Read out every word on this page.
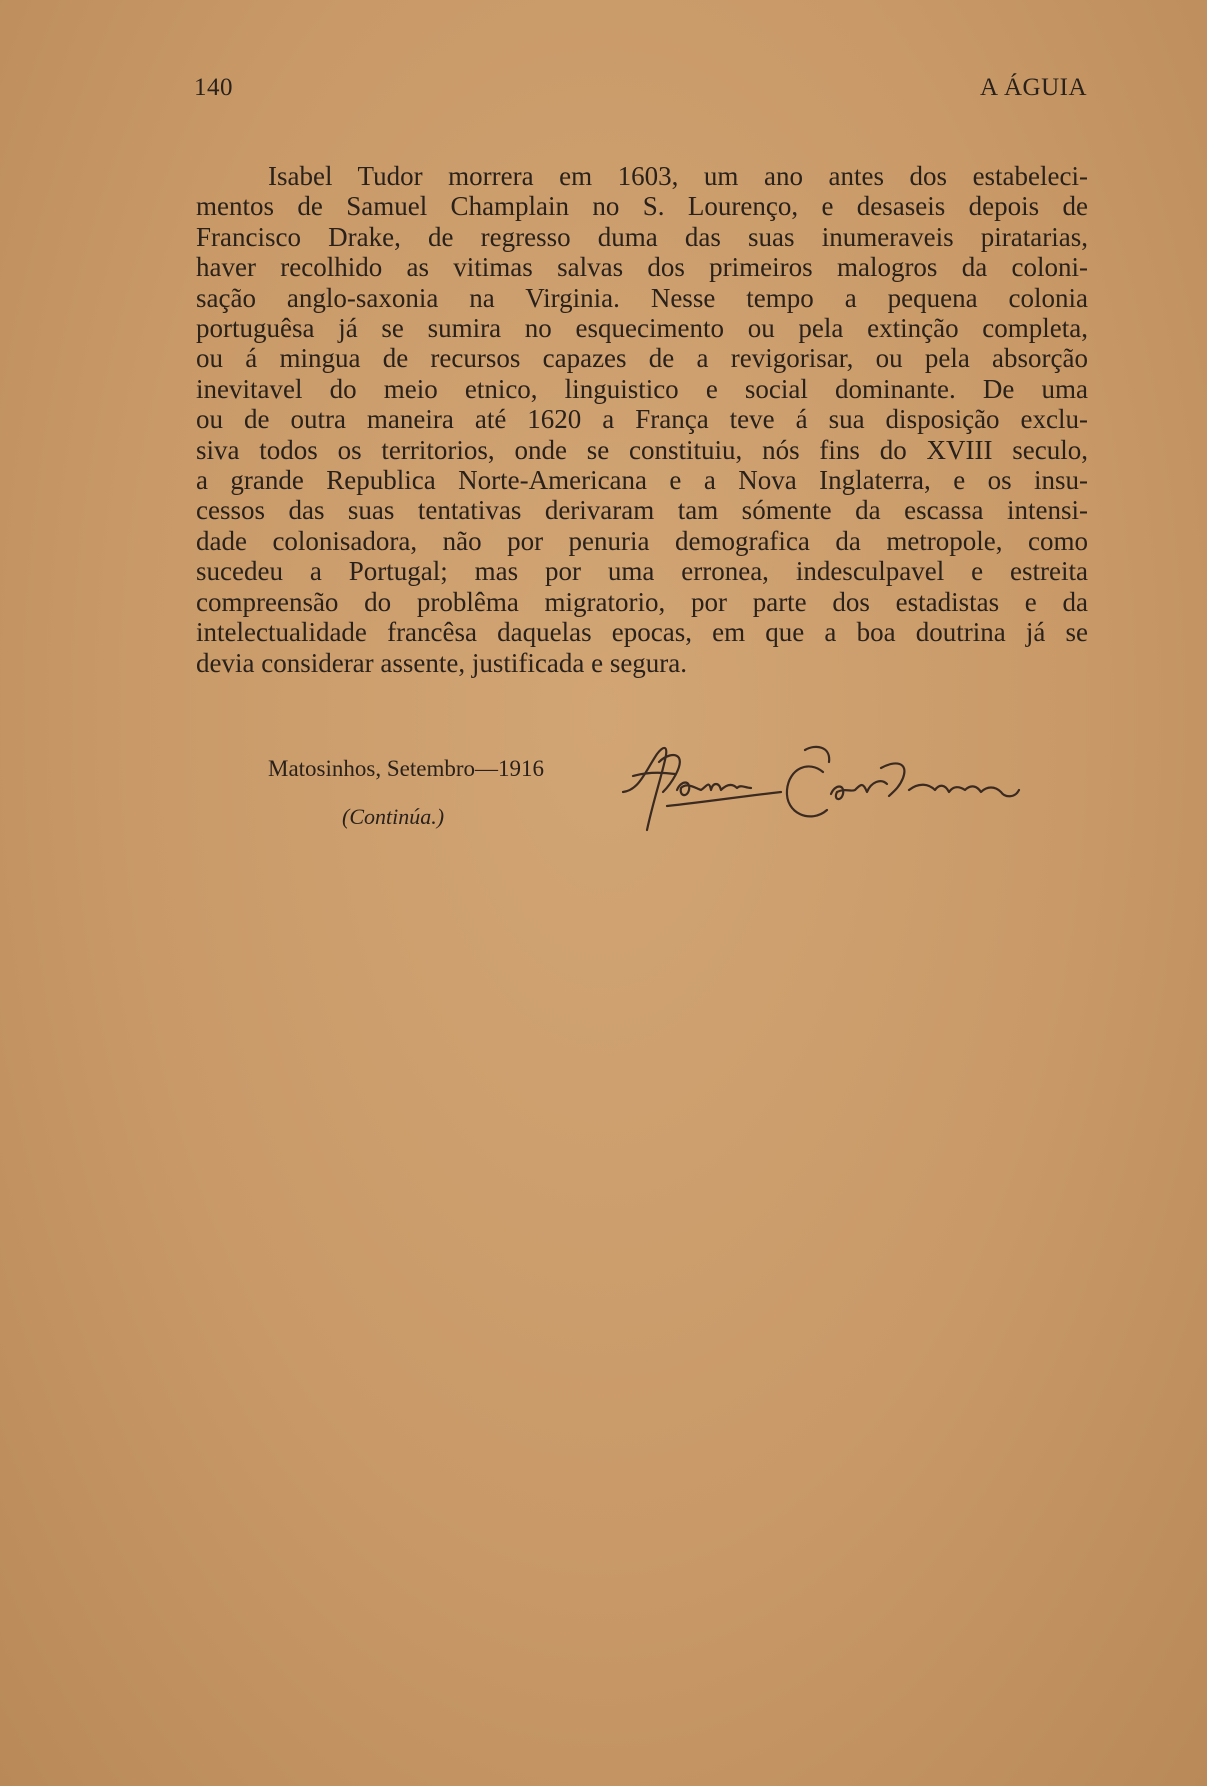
140	A ÁGUIA

Isabel Tudor morrera em 1603, um ano antes dos estabeleci-
mentos de Samuel Champlain no S. Lourenço, e desaseis depois de
Francisco Drake, de regresso duma das suas inumeraveis piratarias,
haver recolhido as vitimas salvas dos primeiros malogros da coloni-
sação anglo-saxonia na Virginia. Nesse tempo a pequena colonia
portuguêsa já se sumira no esquecimento ou pela extinção completa,
ou á mingua de recursos capazes de a revigorisar, ou pela absorção
inevitavel do meio etnico, linguistico e social dominante. De uma
ou de outra maneira até 1620 a França teve á sua disposição exclu-
siva todos os territorios, onde se constituiu, nós fins do XVIII seculo,
a grande Republica Norte-Americana e a Nova Inglaterra, e os insu-
cessos das suas tentativas derivaram tam sómente da escassa intensi-
dade colonisadora, não por penuria demografica da metropole, como
sucedeu a Portugal; mas por uma erronea, indesculpavel e estreita
compreensão do problêma migratorio, por parte dos estadistas e da
intelectualidade francêsa daquelas epocas, em que a boa doutrina já se
devia considerar assente, justificada e segura.

Matosinhos, Setembro—1916
(Continúa.)
